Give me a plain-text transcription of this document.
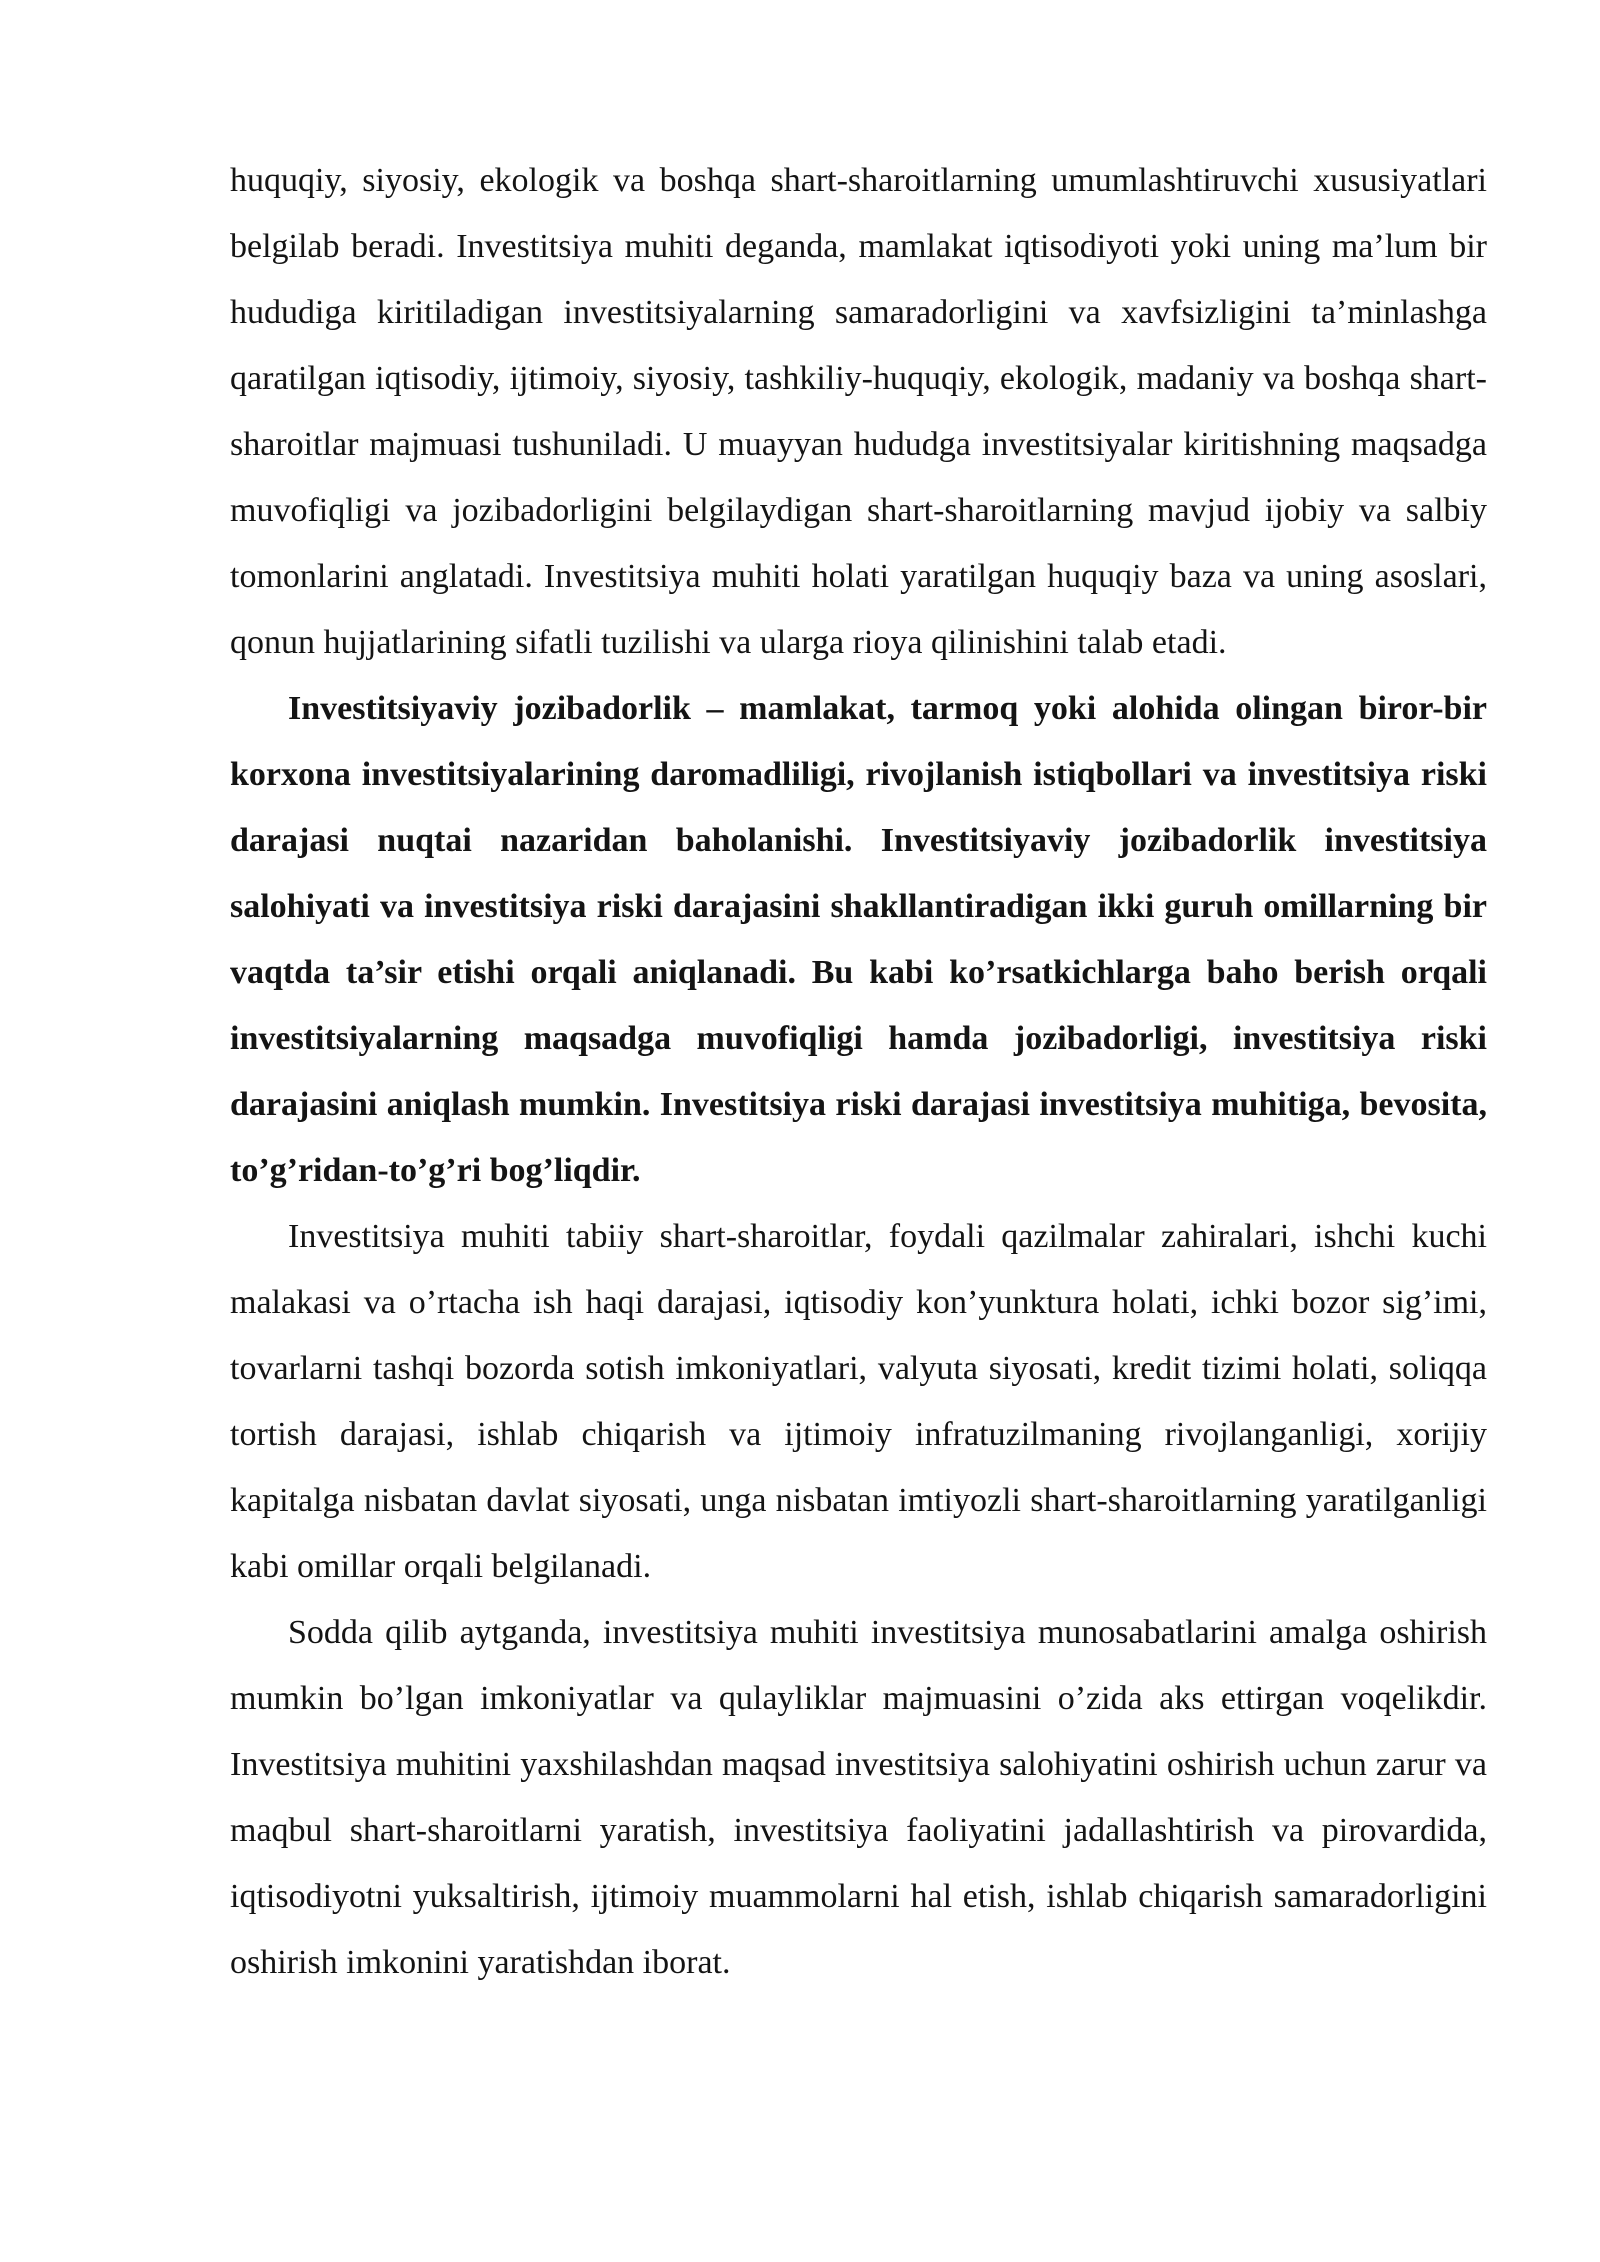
huquqiy, siyosiy, ekologik va boshqa shart-sharoitlarning umumlashtiruvchi xususiyatlari belgilab beradi. Investitsiya muhiti deganda, mamlakat iqtisodiyoti yoki uning ma’lum bir hududiga kiritiladigan investitsiyalarning samaradorligini va xavfsizligini ta’minlashga qaratilgan iqtisodiy, ijtimoiy, siyosiy, tashkiliy-huquqiy, ekologik, madaniy va boshqa shart-sharoitlar majmuasi tushuniladi. U muayyan hududga investitsiyalar kiritishning maqsadga muvofiqligi va jozibadorligini belgilaydigan shart-sharoitlarning mavjud ijobiy va salbiy tomonlarini anglatadi. Investitsiya muhiti holati yaratilgan huquqiy baza va uning asoslari, qonun hujjatlarining sifatli tuzilishi va ularga rioya qilinishini talab etadi.

Investitsiyaviy jozibadorlik – mamlakat, tarmoq yoki alohida olingan biror-bir korxona investitsiyalarining daromadliligi, rivojlanish istiqbollari va investitsiya riski darajasi nuqtai nazaridan baholanishi. Investitsiyaviy jozibadorlik investitsiya salohiyati va investitsiya riski darajasini shakllantiradigan ikki guruh omillarning bir vaqtda ta’sir etishi orqali aniqlanadi. Bu kabi ko’rsatkichlarga baho berish orqali investitsiyalarning maqsadga muvofiqligi hamda jozibadorligi, investitsiya riski darajasini aniqlash mumkin. Investitsiya riski darajasi investitsiya muhitiga, bevosita, to’g’ridan-to’g’ri bog’liqdir.

Investitsiya muhiti tabiiy shart-sharoitlar, foydali qazilmalar zahiralari, ishchi kuchi malakasi va o’rtacha ish haqi darajasi, iqtisodiy kon’yunktura holati, ichki bozor sig’imi, tovarlarni tashqi bozorda sotish imkoniyatlari, valyuta siyosati, kredit tizimi holati, soliqqa tortish darajasi, ishlab chiqarish va ijtimoiy infratuzilmaning rivojlanganligi, xorijiy kapitalga nisbatan davlat siyosati, unga nisbatan imtiyozli shart-sharoitlarning yaratilganligi kabi omillar orqali belgilanadi.

Sodda qilib aytganda, investitsiya muhiti investitsiya munosabatlarini amalga oshirish mumkin bo’lgan imkoniyatlar va qulayliklar majmuasini o’zida aks ettirgan voqelikdir. Investitsiya muhitini yaxshilashdan maqsad investitsiya salohiyatini oshirish uchun zarur va maqbul shart-sharoitlarni yaratish, investitsiya faoliyatini jadallashtirish va pirovardida, iqtisodiyotni yuksaltirish, ijtimoiy muammolarni hal etish, ishlab chiqarish samaradorligini oshirish imkonini yaratishdan iborat.
